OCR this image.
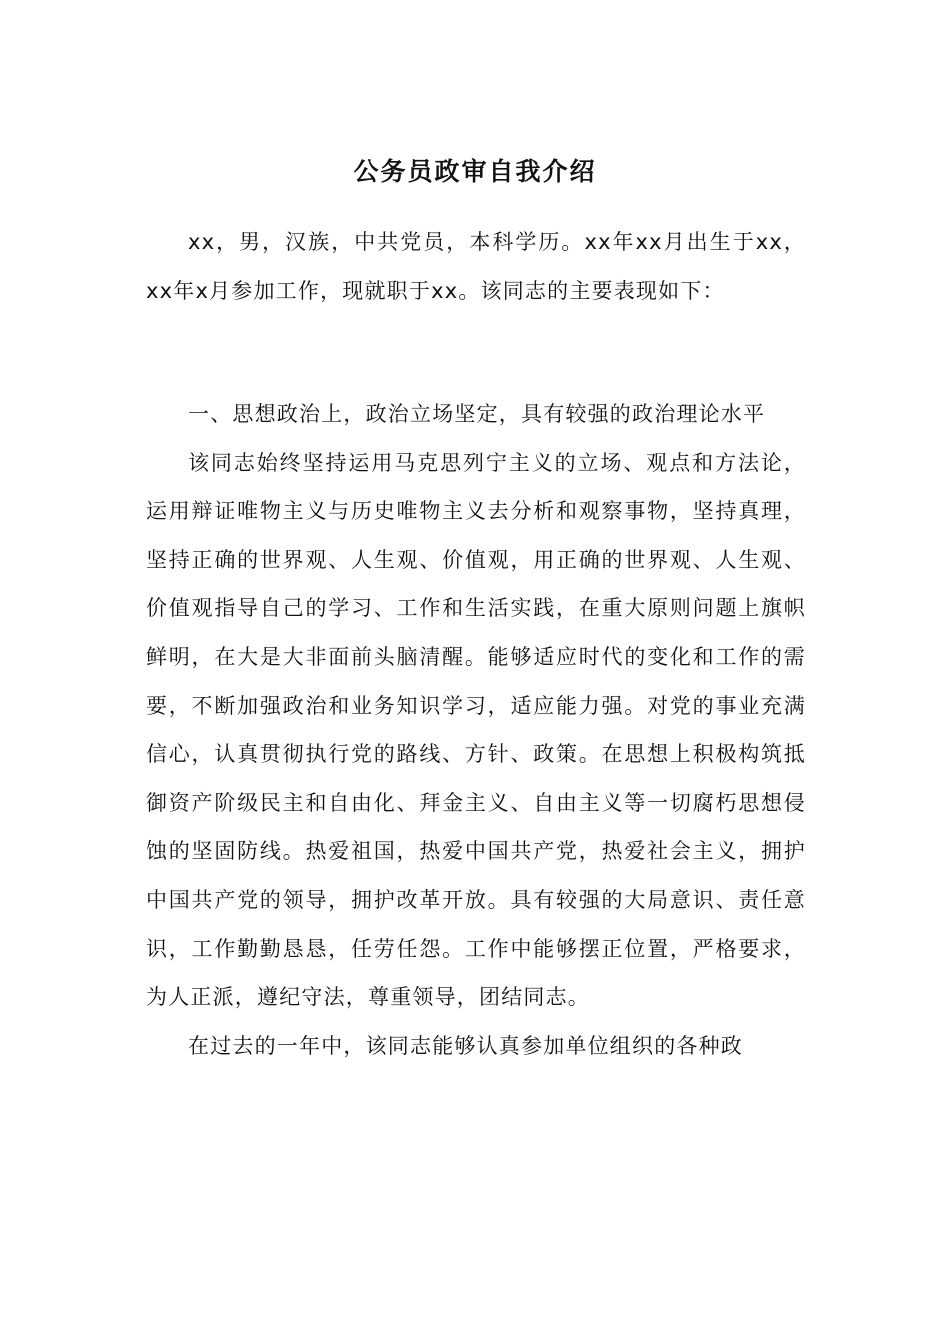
公务员政审自我介绍

xx，男，汉族，中共党员，本科学历。xx年xx月出生于xx，xx年x月参加工作，现就职于xx。该同志的主要表现如下：

一、思想政治上，政治立场坚定，具有较强的政治理论水平

该同志始终坚持运用马克思列宁主义的立场、观点和方法论，运用辩证唯物主义与历史唯物主义去分析和观察事物，坚持真理，坚持正确的世界观、人生观、价值观，用正确的世界观、人生观、价值观指导自己的学习、工作和生活实践，在重大原则问题上旗帜鲜明，在大是大非面前头脑清醒。能够适应时代的变化和工作的需要，不断加强政治和业务知识学习，适应能力强。对党的事业充满信心，认真贯彻执行党的路线、方针、政策。在思想上积极构筑抵御资产阶级民主和自由化、拜金主义、自由主义等一切腐朽思想侵蚀的坚固防线。热爱祖国，热爱中国共产党，热爱社会主义，拥护中国共产党的领导，拥护改革开放。具有较强的大局意识、责任意识，工作勤勤恳恳，任劳任怨。工作中能够摆正位置，严格要求，为人正派，遵纪守法，尊重领导，团结同志。

在过去的一年中，该同志能够认真参加单位组织的各种政
